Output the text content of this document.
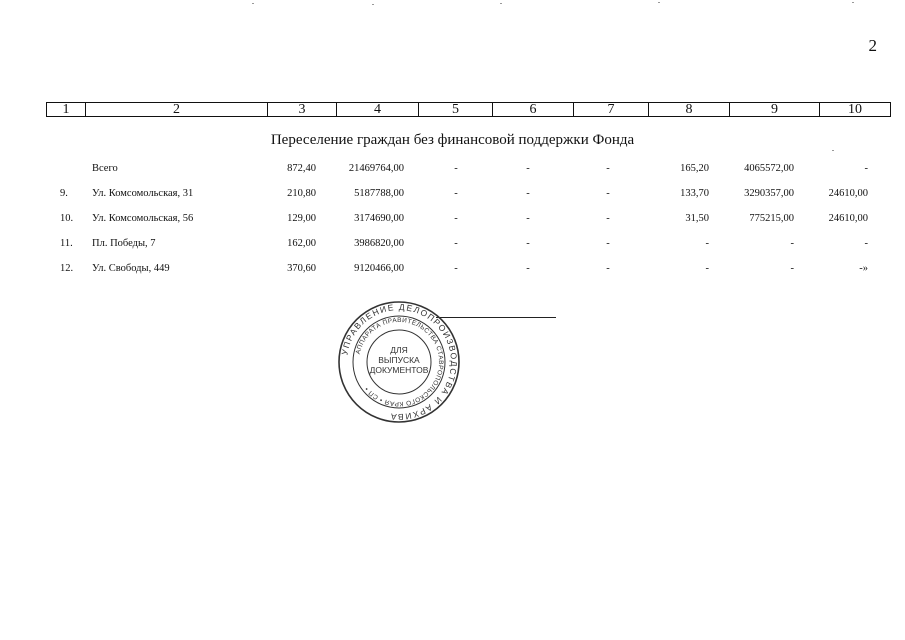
2
1	2	3	4	5	6	7	8	9	10
Переселение граждан без финансовой поддержки Фонда
Всего	872,40	21469764,00	-	-	-	165,20	4065572,00	-
9. Ул. Комсомольская, 31	210,80	5187788,00	-	-	-	133,70	3290357,00	24610,00
10. Ул. Комсомольская, 56	129,00	3174690,00	-	-	-	31,50	775215,00	24610,00
11. Пл. Победы, 7	162,00	3986820,00	-	-	-	-	-	-
12. Ул. Свободы, 449	370,60	9120466,00	-	-	-	-	-	-»
УПРАВЛЕНИЕ ДЕЛОПРОИЗВОДСТВА И АРХИВА
АППАРАТА ПРАВИТЕЛЬСТВА СТАВРОПОЛЬСКОГО КРАЯ • СП •
ДЛЯ
ВЫПУСКА
ДОКУМЕНТОВ
